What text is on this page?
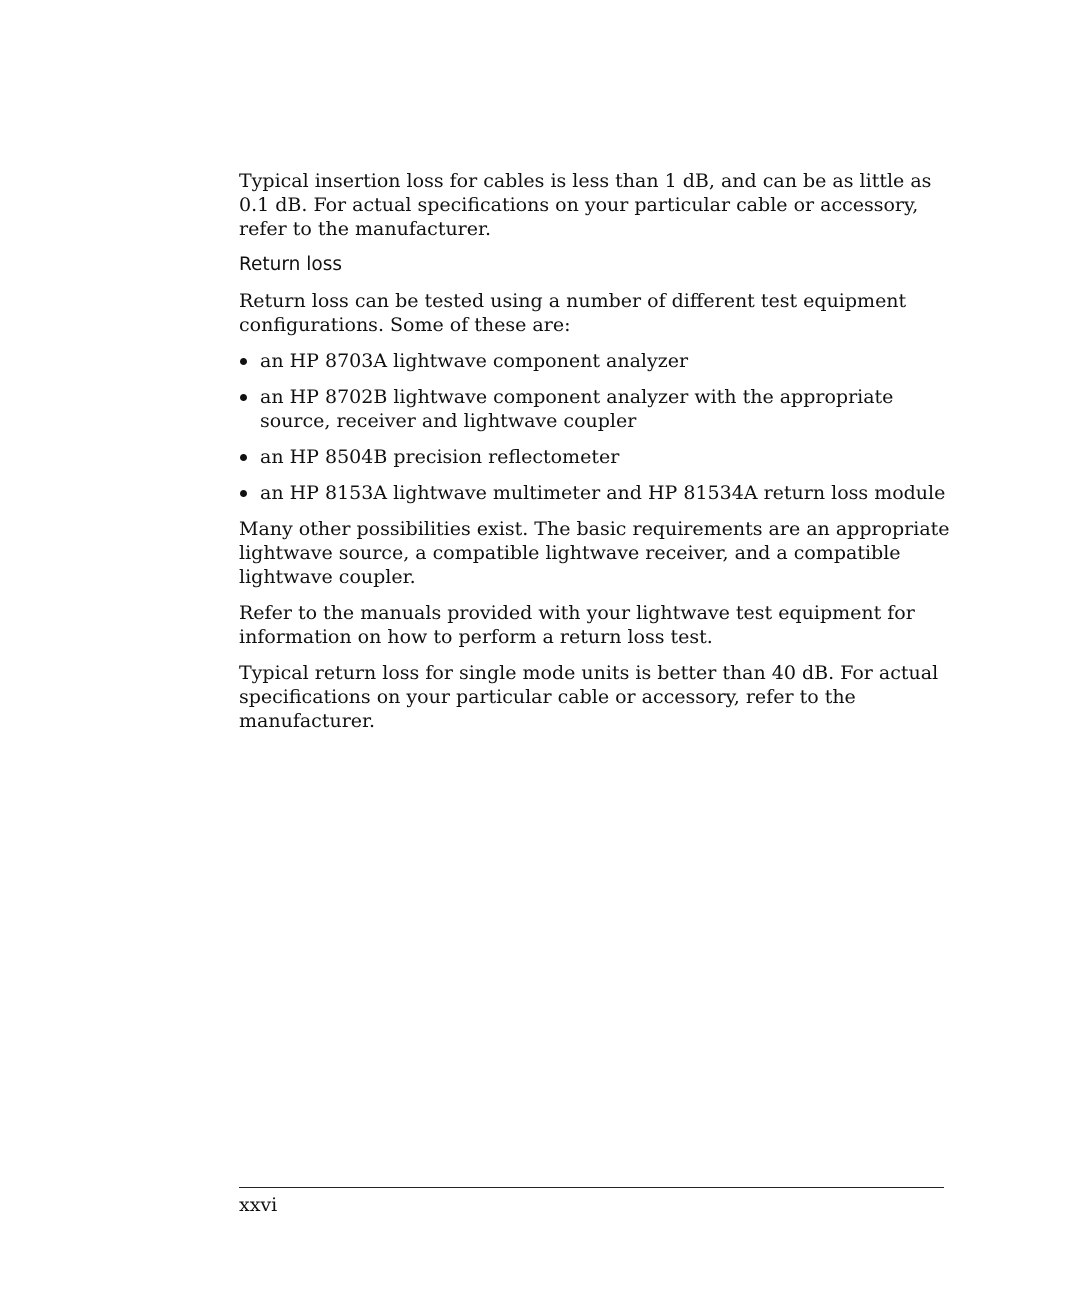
Typical insertion loss for cables is less than 1 dB, and can be as little as 0.1 dB. For actual specifications on your particular cable or accessory, refer to the manufacturer.

Return loss

Return loss can be tested using a number of different test equipment configurations. Some of these are:

an HP 8703A lightwave component analyzer
an HP 8702B lightwave component analyzer with the appropriate source, receiver and lightwave coupler
an HP 8504B precision reflectometer
an HP 8153A lightwave multimeter and HP 81534A return loss module

Many other possibilities exist. The basic requirements are an appropriate lightwave source, a compatible lightwave receiver, and a compatible lightwave coupler.

Refer to the manuals provided with your lightwave test equipment for information on how to perform a return loss test.

Typical return loss for single mode units is better than 40 dB. For actual specifications on your particular cable or accessory, refer to the manufacturer.

xxvi
